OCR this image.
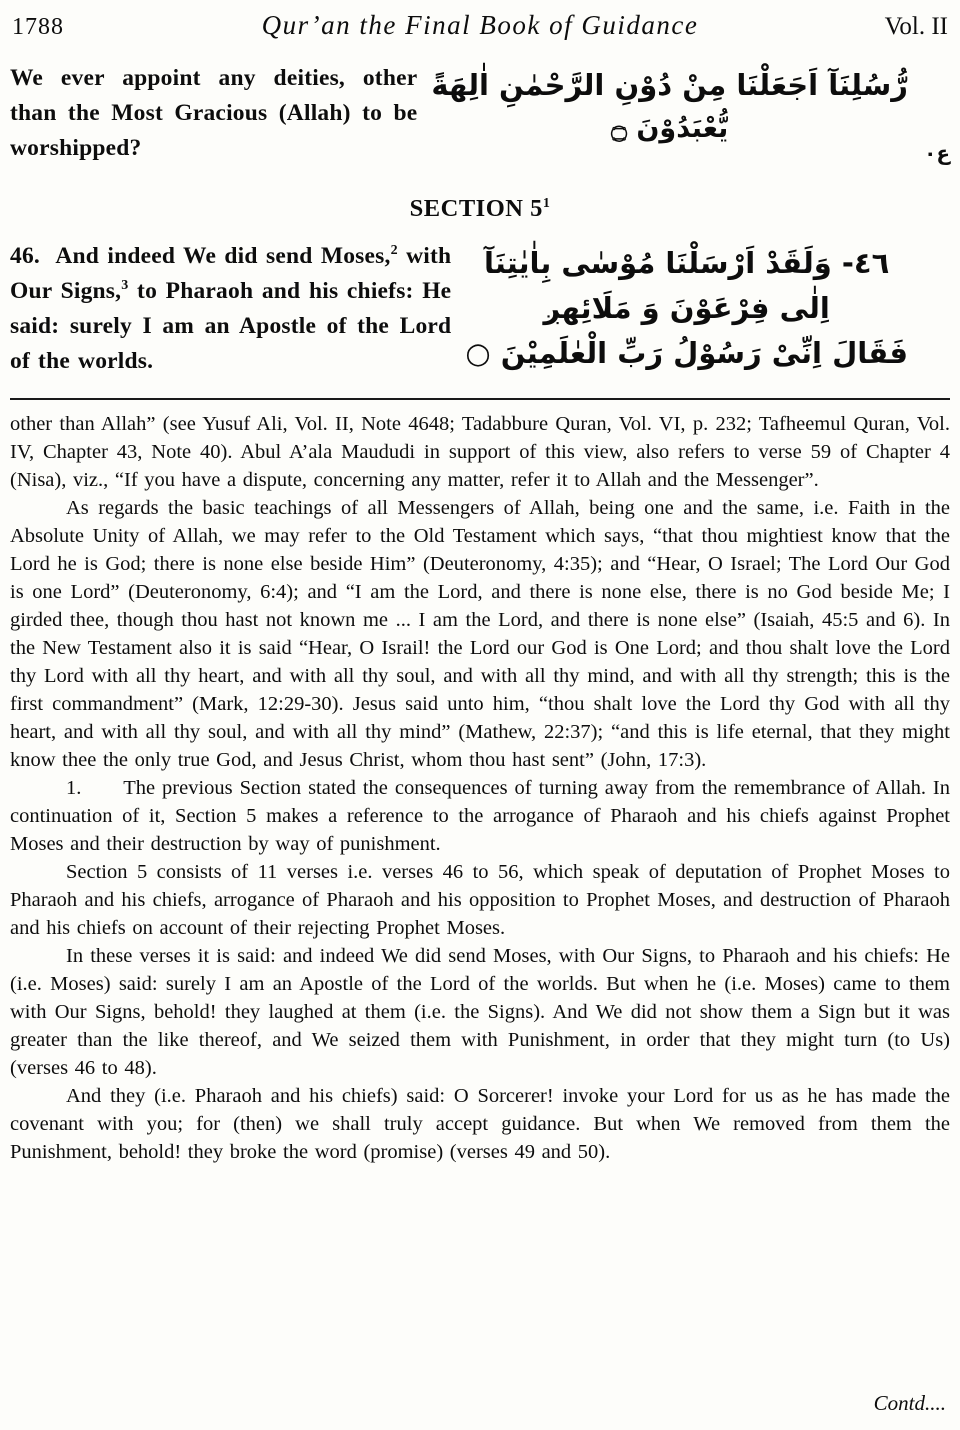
1788	Qur’an the Final Book of Guidance	Vol. II
We ever appoint any deities, other than the Most Gracious (Allah) to be worshipped?
رُّسُلِنَآ اَجَعَلْنَا مِنْ دُوْنِ الرَّحْمٰنِ اٰلِهَةً
يُّعْبَدُوْنَ ۝
ع۰
SECTION $5^1$
46.  And indeed We did send Moses,$^2$ with Our Signs,$^3$ to Pharaoh and his chiefs: He said: surely I am an Apostle of the Lord of the worlds.
٤٦- وَلَقَدْ اَرْسَلْنَا مُوْسٰى بِاٰيٰتِنَآ
اِلٰى فِرْعَوْنَ وَ مَلَائِهږ
فَقَالَ اِنِّىْ رَسُوْلُ رَبِّ الْعٰلَمِيْنَ ○

other than Allah” (see Yusuf Ali, Vol. II, Note 4648; Tadabbure Quran, Vol. VI, p. 232; Tafheemul Quran, Vol. IV, Chapter 43, Note 40). Abul A’ala Maududi in support of this view, also refers to verse 59 of Chapter 4 (Nisa), viz., “If you have a dispute, concerning any matter, refer it to Allah and the Messenger”.

As regards the basic teachings of all Messengers of Allah, being one and the same, i.e. Faith in the Absolute Unity of Allah, we may refer to the Old Testament which says, “that thou mightiest know that the Lord he is God; there is none else beside Him” (Deuteronomy, 4:35); and “Hear, O Israel; The Lord Our God is one Lord” (Deuteronomy, 6:4); and “I am the Lord, and there is none else, there is no God beside Me; I girded thee, though thou hast not known me ... I am the Lord, and there is none else” (Isaiah, 45:5 and 6). In the New Testament also it is said “Hear, O Israil! the Lord our God is One Lord; and thou shalt love the Lord thy Lord with all thy heart, and with all thy soul, and with all thy mind, and with all thy strength; this is the first commandment” (Mark, 12:29-30). Jesus said unto him, “thou shalt love the Lord thy God with all thy heart, and with all thy soul, and with all thy mind” (Mathew, 22:37); “and this is life eternal, that they might know thee the only true God, and Jesus Christ, whom thou hast sent” (John, 17:3).

1.      The previous Section stated the consequences of turning away from the remembrance of Allah. In continuation of it, Section 5 makes a reference to the arrogance of Pharaoh and his chiefs against Prophet Moses and their destruction by way of punishment.

Section 5 consists of 11 verses i.e. verses 46 to 56, which speak of deputation of Prophet Moses to Pharaoh and his chiefs, arrogance of Pharaoh and his opposition to Prophet Moses, and destruction of Pharaoh and his chiefs on account of their rejecting Prophet Moses.

In these verses it is said: and indeed We did send Moses, with Our Signs, to Pharaoh and his chiefs: He (i.e. Moses) said: surely I am an Apostle of the Lord of the worlds. But when he (i.e. Moses) came to them with Our Signs, behold! they laughed at them (i.e. the Signs). And We did not show them a Sign but it was greater than the like thereof, and We seized them with Punishment, in order that they might turn (to Us) (verses 46 to 48).

And they (i.e. Pharaoh and his chiefs) said: O Sorcerer! invoke your Lord for us as he has made the covenant with you; for (then) we shall truly accept guidance. But when We removed from them the Punishment, behold! they broke the word (promise) (verses 49 and 50).

Contd....
